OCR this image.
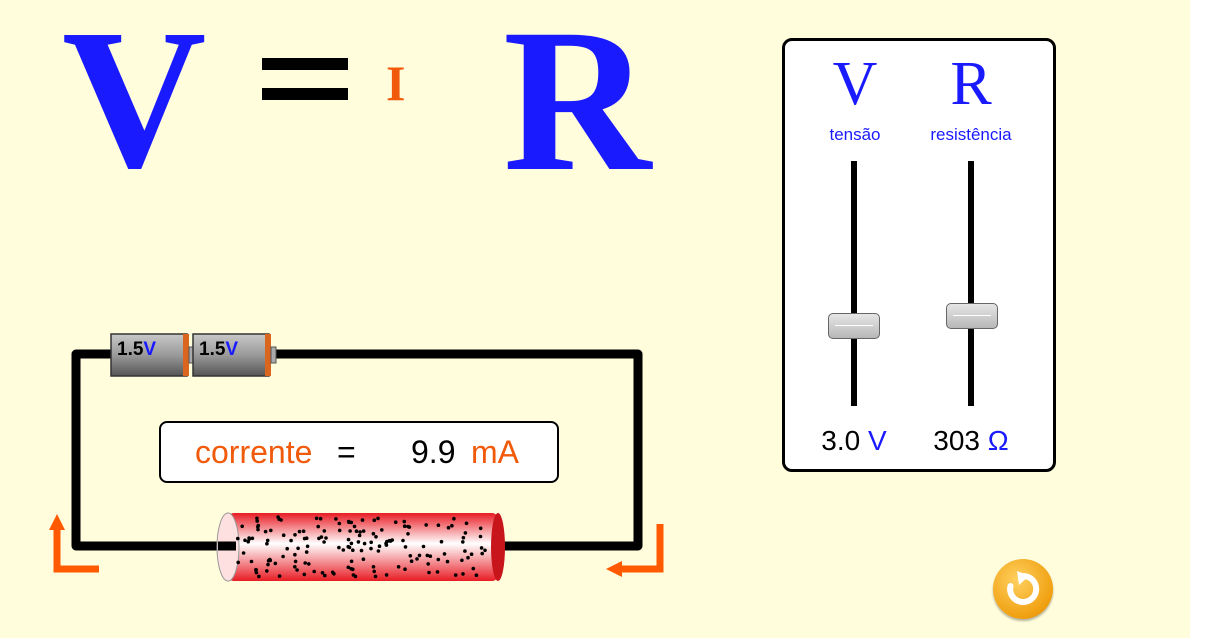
V	I R
1.5V 1.5V
corrente = 9.9 mA
V
tensão
3.0 V
R
resistência
303 Ω
